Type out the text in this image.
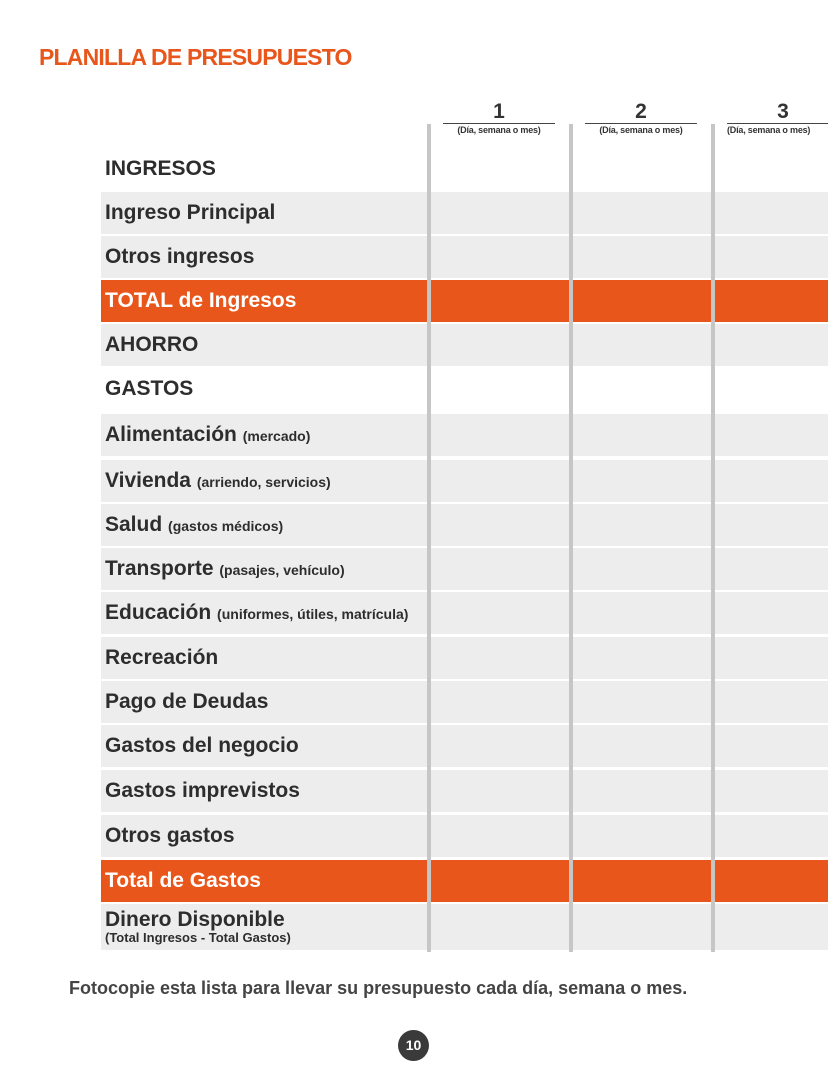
PLANILLA DE PRESUPUESTO
1
(Día, semana o mes)
2
(Día, semana o mes)
3
(Día, semana o mes)
INGRESOS
Ingreso Principal
Otros ingresos
TOTAL de Ingresos
AHORRO
GASTOS
Alimentación (mercado)
Vivienda (arriendo, servicios)
Salud (gastos médicos)
Transporte (pasajes, vehículo)
Educación (uniformes, útiles, matrícula)
Recreación
Pago de Deudas
Gastos del negocio
Gastos imprevistos
Otros gastos
Total de Gastos
Dinero Disponible
(Total Ingresos - Total Gastos)
Fotocopie esta lista para llevar su presupuesto cada día, semana o mes.
10
